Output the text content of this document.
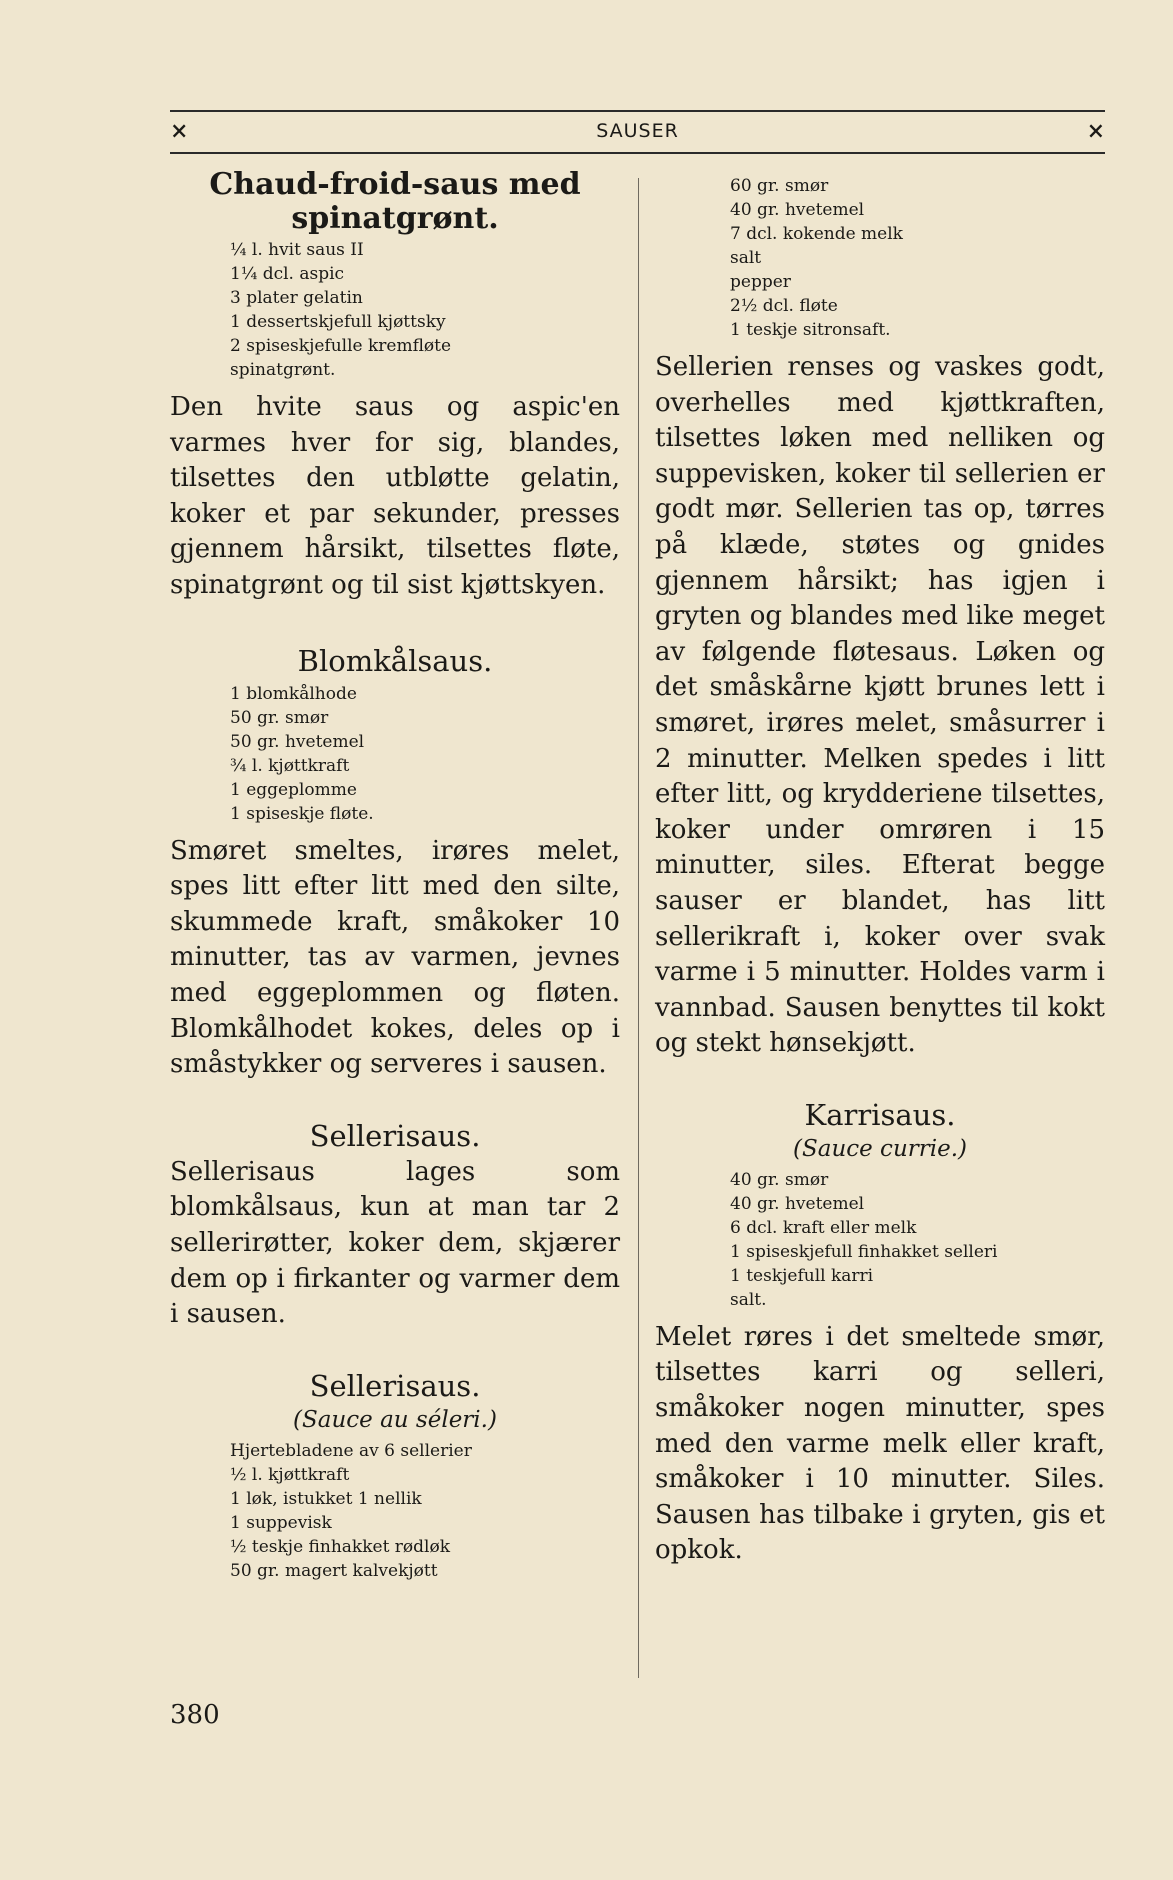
×	SAUSER	×
Chaud-froid-saus med
spinatgrønt.
¼ l. hvit saus II
1¼ dcl. aspic
3 plater gelatin
1 dessertskjefull kjøttsky
2 spiseskjefulle kremfløte
spinatgrønt.

Den hvite saus og aspic'en varmes hver for sig, blandes, tilsettes den utbløtte gelatin, koker et par sekunder, presses gjennem hårsikt, tilsettes fløte, spinatgrønt og til sist kjøttskyen.

Blomkålsaus.
1 blomkålhode
50 gr. smør
50 gr. hvetemel
¾ l. kjøttkraft
1 eggeplomme
1 spiseskje fløte.

Smøret smeltes, irøres melet, spes litt efter litt med den silte, skummede kraft, småkoker 10 minutter, tas av varmen, jevnes med eggeplommen og fløten. Blomkålhodet kokes, deles op i småstykker og serveres i sausen.

Sellerisaus.

Sellerisaus lages som blomkålsaus, kun at man tar 2 sellerirøtter, koker dem, skjærer dem op i firkanter og varmer dem i sausen.

Sellerisaus.

(Sauce au séleri.)

Hjertebladene av 6 sellerier
½ l. kjøttkraft
1 løk, istukket 1 nellik
1 suppevisk
½ teskje finhakket rødløk
50 gr. magert kalvekjøtt
60 gr. smør
40 gr. hvetemel
7 dcl. kokende melk
salt
pepper
2½ dcl. fløte
1 teskje sitronsaft.

Sellerien renses og vaskes godt, overhelles med kjøttkraften, tilsettes løken med nelliken og suppevisken, koker til sellerien er godt mør. Sellerien tas op, tørres på klæde, støtes og gnides gjennem hårsikt; has igjen i gryten og blandes med like meget av følgende fløtesaus. Løken og det småskårne kjøtt brunes lett i smøret, irøres melet, småsurrer i 2 minutter. Melken spedes i litt efter litt, og krydderiene tilsettes, koker under omrøren i 15 minutter, siles. Efterat begge sauser er blandet, has litt sellerikraft i, koker over svak varme i 5 minutter. Holdes varm i vannbad. Sausen benyttes til kokt og stekt hønsekjøtt.

Karrisaus.

(Sauce currie.)

40 gr. smør
40 gr. hvetemel
6 dcl. kraft eller melk
1 spiseskjefull finhakket selleri
1 teskjefull karri
salt.

Melet røres i det smeltede smør, tilsettes karri og selleri, småkoker nogen minutter, spes med den varme melk eller kraft, småkoker i 10 minutter. Siles. Sausen has tilbake i gryten, gis et opkok.

380
